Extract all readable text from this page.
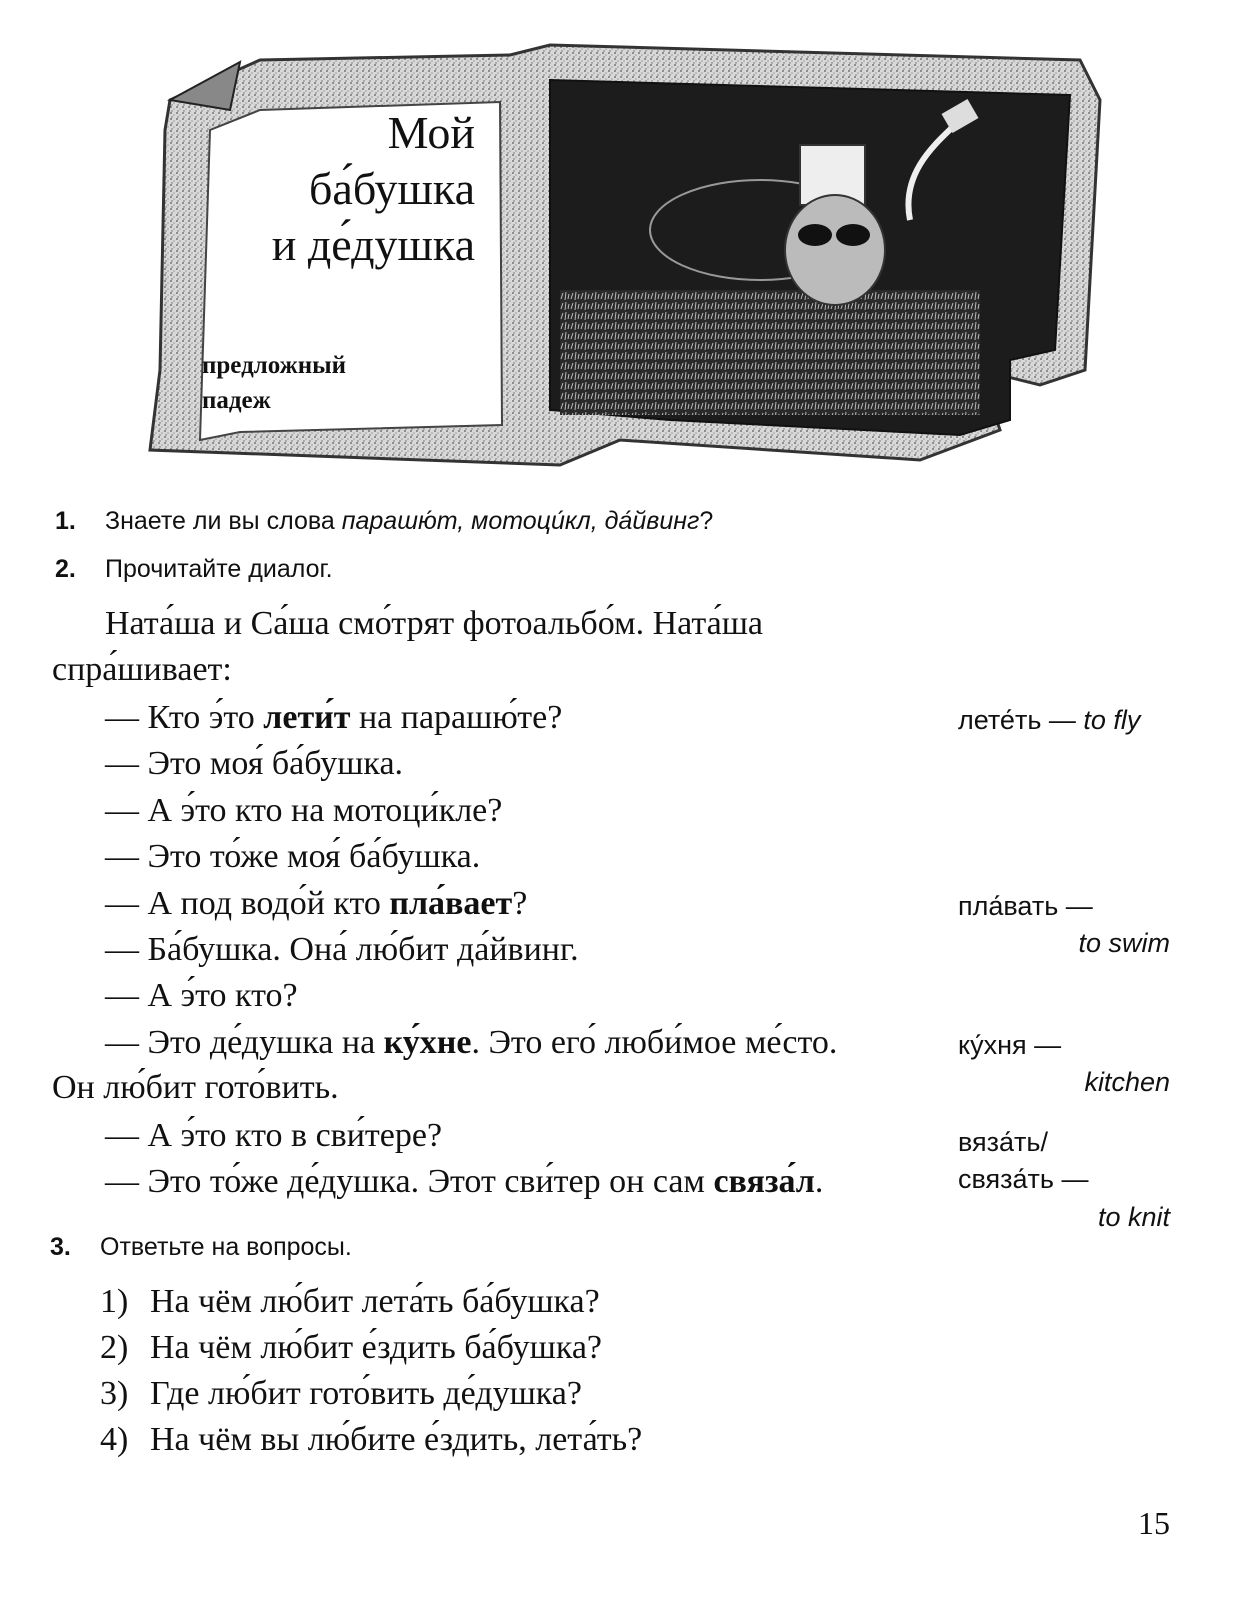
Мой
ба́бушка
и де́душка
предложный
падеж
1. Знаете ли вы слова парашю́т, мотоци́кл, да́йвинг?
2. Прочитайте диалог.
Ната́ша и Са́ша смо́трят фотоальбо́м. Ната́ша
спра́шивает:
— Кто э́то лети́т на парашю́те?
— Это моя́ ба́бушка.
— А э́то кто на мотоци́кле?
— Это то́же моя́ ба́бушка.
— А под водо́й кто пла́вает?
— Ба́бушка. Она́ лю́бит да́йвинг.
— А э́то кто?
— Это де́душка на ку́хне. Это его́ люби́мое ме́сто.
Он лю́бит гото́вить.
— А э́то кто в сви́тере?
— Это то́же де́душка. Этот сви́тер он сам связа́л.
лете́ть — to fly
пла́вать —
to swim
ку́хня —
kitchen
вяза́ть/
связа́ть —
to knit
3. Ответьте на вопросы.
1) На чём лю́бит лета́ть ба́бушка?
2) На чём лю́бит е́здить ба́бушка?
3) Где лю́бит гото́вить де́душка?
4) На чём вы лю́бите е́здить, лета́ть?
15
